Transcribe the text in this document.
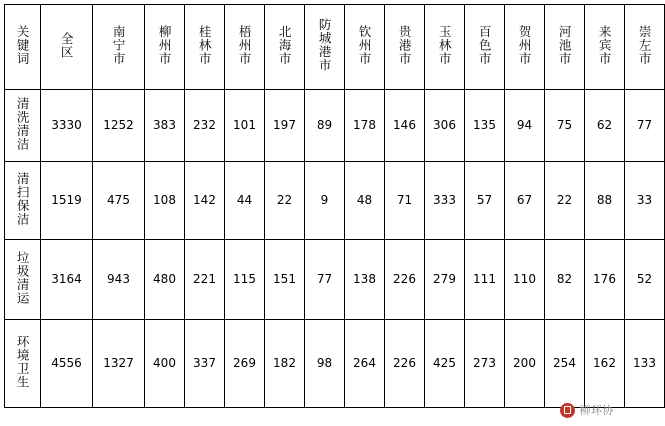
关键词	全区	南宁市	柳州市	桂林市	梧州市	北海市	防城港市	钦州市	贵港市	玉林市	百色市	贺州市	河池市	来宾市	崇左市
清洗清洁	3330	1252	383	232	101	197	89	178	146	306	135	94	75	62	77
清扫保洁	1519	475	108	142	44	22	9	48	71	333	57	67	22	88	33
垃圾清运	3164	943	480	221	115	151	77	138	226	279	111	110	82	176	52
环境卫生	4556	1327	400	337	269	182	98	264	226	425	273	200	254	162	133
柳环协
